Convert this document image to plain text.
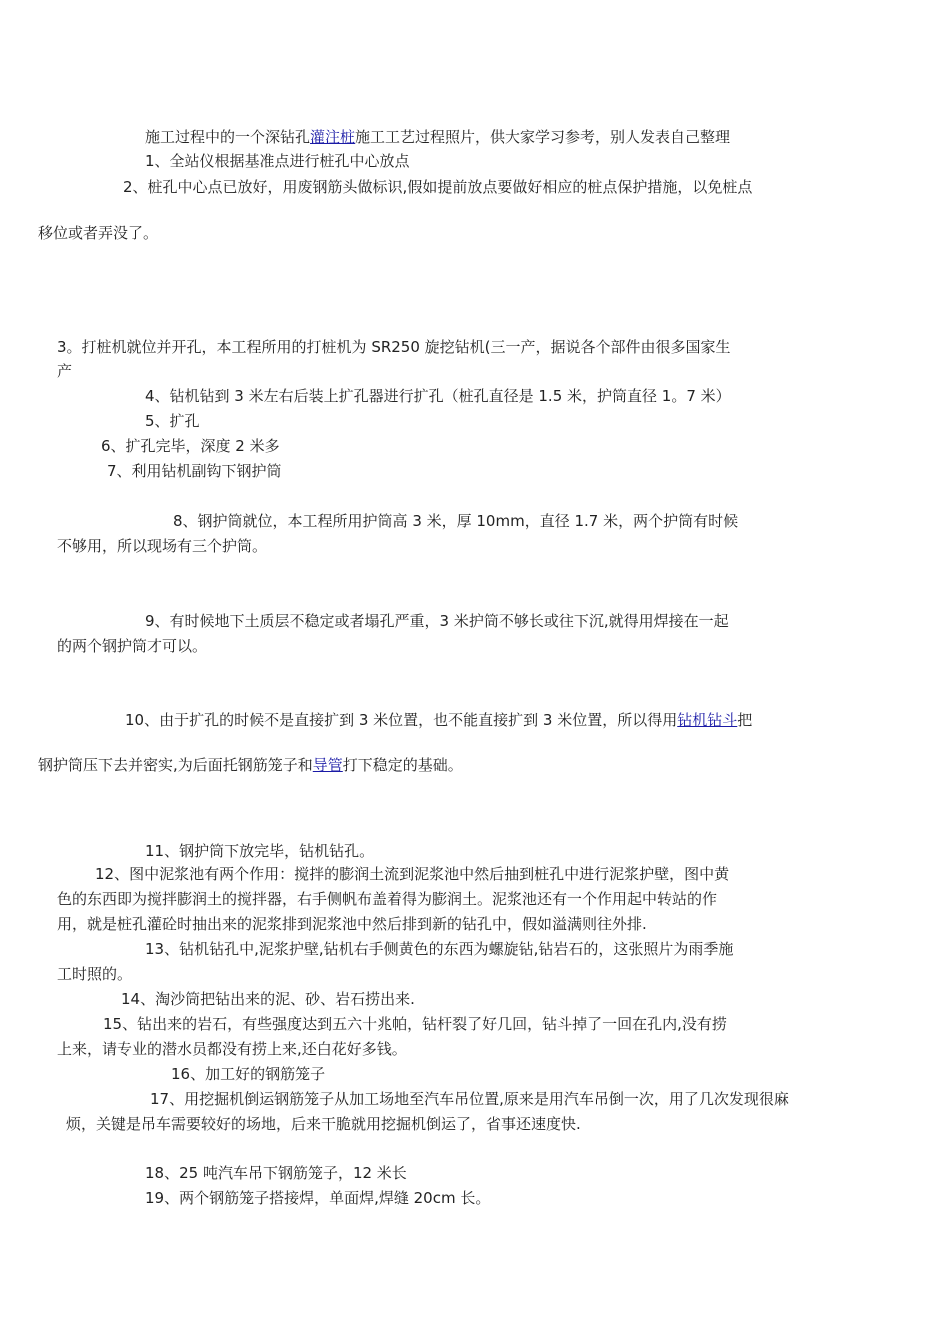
施工过程中的一个深钻孔灌注桩施工工艺过程照片，供大家学习参考，别人发表自己整理
1、全站仪根据基准点进行桩孔中心放点
2、桩孔中心点已放好，用废钢筋头做标识,假如提前放点要做好相应的桩点保护措施，以免桩点
移位或者弄没了。
3。打桩机就位并开孔，本工程所用的打桩机为 SR250 旋挖钻机(三一产，据说各个部件由很多国家生
产
4、钻机钻到 3 米左右后装上扩孔器进行扩孔（桩孔直径是 1.5 米，护筒直径 1。7 米）
5、扩孔
6、扩孔完毕，深度 2 米多
7、利用钻机副钩下钢护筒
8、钢护筒就位，本工程所用护筒高 3 米，厚 10mm，直径 1.7 米，两个护筒有时候
不够用，所以现场有三个护筒。
9、有时候地下土质层不稳定或者塌孔严重，3 米护筒不够长或往下沉,就得用焊接在一起
的两个钢护筒才可以。
10、由于扩孔的时候不是直接扩到 3 米位置，也不能直接扩到 3 米位置，所以得用钻机钻斗把
钢护筒压下去并密实,为后面托钢筋笼子和导管打下稳定的基础。
11、钢护筒下放完毕，钻机钻孔。
12、图中泥浆池有两个作用：搅拌的膨润土流到泥浆池中然后抽到桩孔中进行泥浆护壁，图中黄
色的东西即为搅拌膨润土的搅拌器，右手侧帆布盖着得为膨润土。泥浆池还有一个作用起中转站的作
用，就是桩孔灌砼时抽出来的泥浆排到泥浆池中然后排到新的钻孔中，假如溢满则往外排.
13、钻机钻孔中,泥浆护壁,钻机右手侧黄色的东西为螺旋钻,钻岩石的，这张照片为雨季施
工时照的。
14、淘沙筒把钻出来的泥、砂、岩石捞出来.
15、钻出来的岩石，有些强度达到五六十兆帕，钻杆裂了好几回，钻斗掉了一回在孔内,没有捞
上来，请专业的潜水员都没有捞上来,还白花好多钱。
16、加工好的钢筋笼子
17、用挖掘机倒运钢筋笼子从加工场地至汽车吊位置,原来是用汽车吊倒一次，用了几次发现很麻
烦，关键是吊车需要较好的场地，后来干脆就用挖掘机倒运了，省事还速度快.
18、25 吨汽车吊下钢筋笼子，12 米长
19、两个钢筋笼子搭接焊，单面焊,焊缝 20cm 长。
